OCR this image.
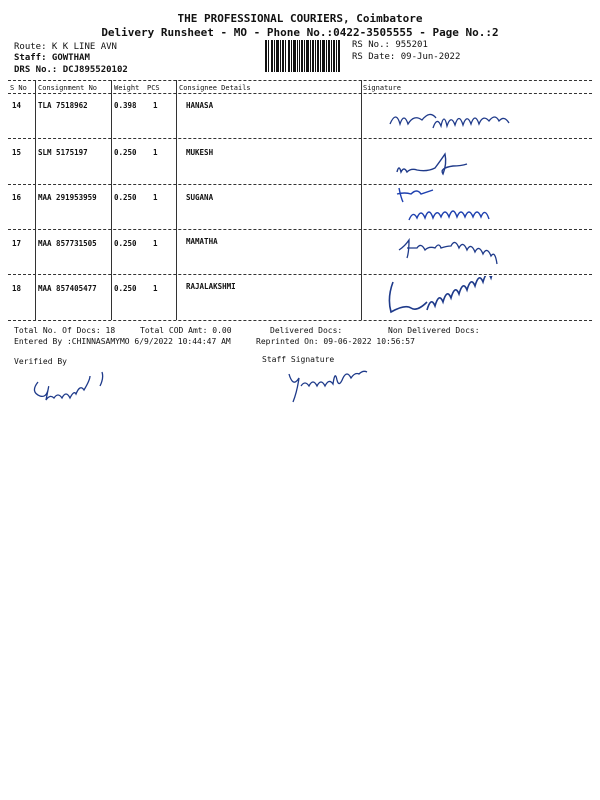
THE PROFESSIONAL COURIERS, Coimbatore
Delivery Runsheet - MO - Phone No.:0422-3505555 - Page No.:2
Route: K K LINE AVN
Staff: GOWTHAM
DRS No.: DCJ895520102
RS No.: 955201
RS Date: 09-Jun-2022
S No Consignment No Weight PCS	Consignee Details	Signature
14 TLA 7518962	0.398 1	HANASA
15 SLM 5175197	0.250 1	MUKESH
16 MAA 291953959 0.250 1	SUGANA
17 MAA 857731505 0.250 1	MAMATHA
18 MAA 857405477 0.250 1	RAJALAKSHMI
Total No. Of Docs: 18	Total COD Amt: 0.00	Delivered Docs:	Non Delivered Docs:
Entered By :CHINNASAMYMO 6/9/2022 10:44:47 AM	Reprinted On: 09-06-2022 10:56:57
Verified By	Staff Signature
